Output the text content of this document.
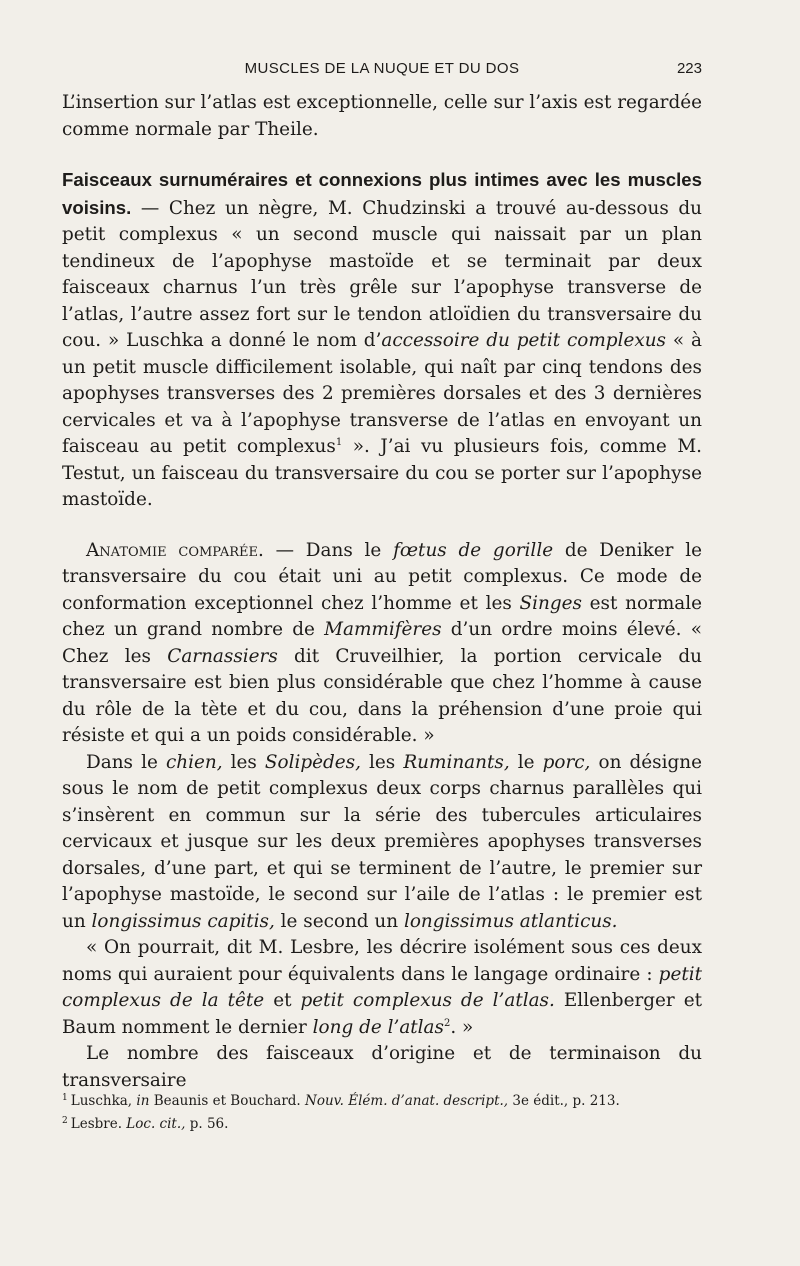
MUSCLES DE LA NUQUE ET DU DOS	223

L’insertion sur l’atlas est exceptionnelle, celle sur l’axis est regardée comme normale par Theile.

Faisceaux surnuméraires et connexions plus intimes avec les muscles voisins. — Chez un nègre, M. Chudzinski a trouvé au-dessous du petit complexus « un second muscle qui naissait par un plan tendineux de l’apophyse mastoïde et se terminait par deux faisceaux charnus l’un très grêle sur l’apophyse transverse de l’atlas, l’autre assez fort sur le tendon atloïdien du transversaire du cou. » Luschka a donné le nom d’accessoire du petit complexus « à un petit muscle difficilement isolable, qui naît par cinq tendons des apophyses transverses des 2 premières dorsales et des 3 dernières cervicales et va à l’apophyse transverse de l’atlas en envoyant un faisceau au petit complexus$^1$ ». J’ai vu plusieurs fois, comme M. Testut, un faisceau du transversaire du cou se porter sur l’apophyse mastoïde.

Anatomie comparée. — Dans le fœtus de gorille de Deniker le transversaire du cou était uni au petit complexus. Ce mode de conformation exceptionnel chez l’homme et les Singes est normale chez un grand nombre de Mammifères d’un ordre moins élevé. « Chez les Carnassiers dit Cruveilhier, la portion cervicale du transversaire est bien plus considérable que chez l’homme à cause du rôle de la tète et du cou, dans la préhension d’une proie qui résiste et qui a un poids considérable. »

Dans le chien, les Solipèdes, les Ruminants, le porc, on désigne sous le nom de petit complexus deux corps charnus parallèles qui s’insèrent en commun sur la série des tubercules articulaires cervicaux et jusque sur les deux premières apophyses transverses dorsales, d’une part, et qui se terminent de l’autre, le premier sur l’apophyse mastoïde, le second sur l’aile de l’atlas : le premier est un longissimus capitis, le second un longissimus atlanticus.

« On pourrait, dit M. Lesbre, les décrire isolément sous ces deux noms qui auraient pour équivalents dans le langage ordinaire : petit complexus de la tête et petit complexus de l’atlas. Ellenberger et Baum nomment le dernier long de l’atlas$^2$. »

Le nombre des faisceaux d’origine et de terminaison du transversaire

$^1$ Luschka, in Beaunis et Bouchard. Nouv. Élém. d’anat. descript., 3e édit., p. 213.

$^2$ Lesbre. Loc. cit., p. 56.
